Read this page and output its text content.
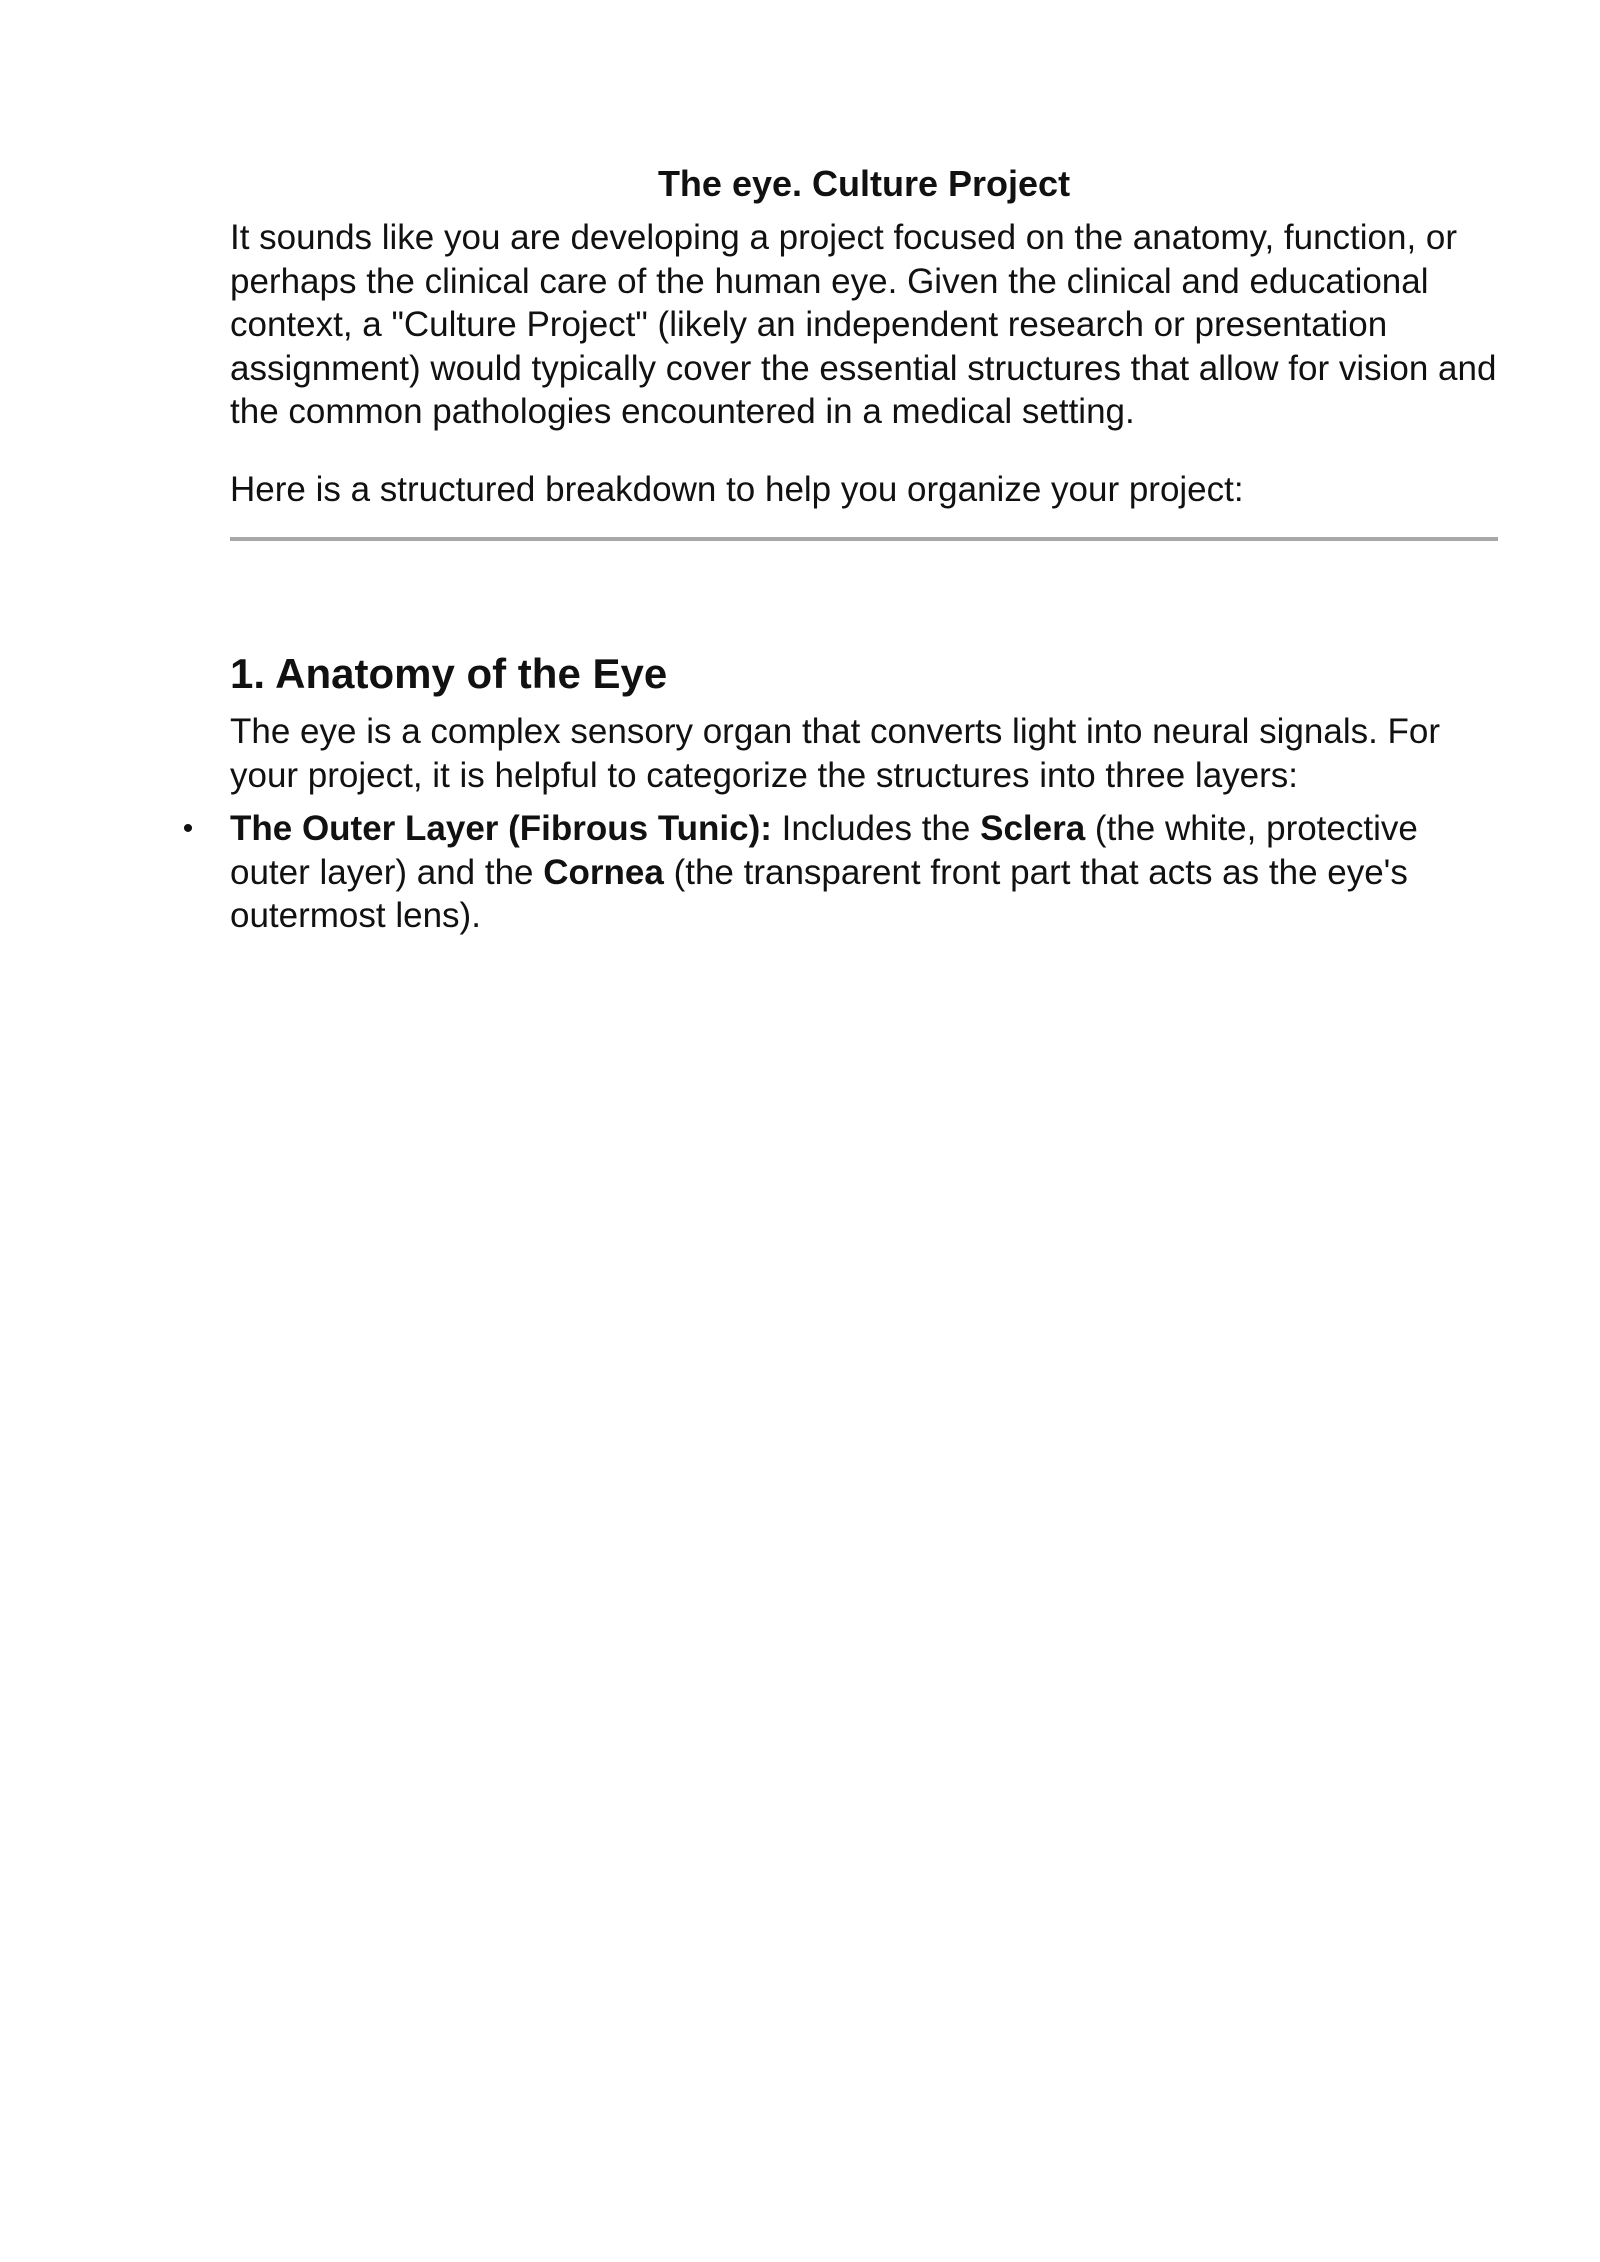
The eye. Culture Project

It sounds like you are developing a project focused on the anatomy, function, or perhaps the clinical care of the human eye. Given the clinical and educational context, a "Culture Project" (likely an independent research or presentation assignment) would typically cover the essential structures that allow for vision and the common pathologies encountered in a medical setting.

Here is a structured breakdown to help you organize your project:

1. Anatomy of the Eye

The eye is a complex sensory organ that converts light into neural signals. For your project, it is helpful to categorize the structures into three layers:

• The Outer Layer (Fibrous Tunic): Includes the Sclera (the white, protective outer layer) and the Cornea (the transparent front part that acts as the eye's outermost lens).
